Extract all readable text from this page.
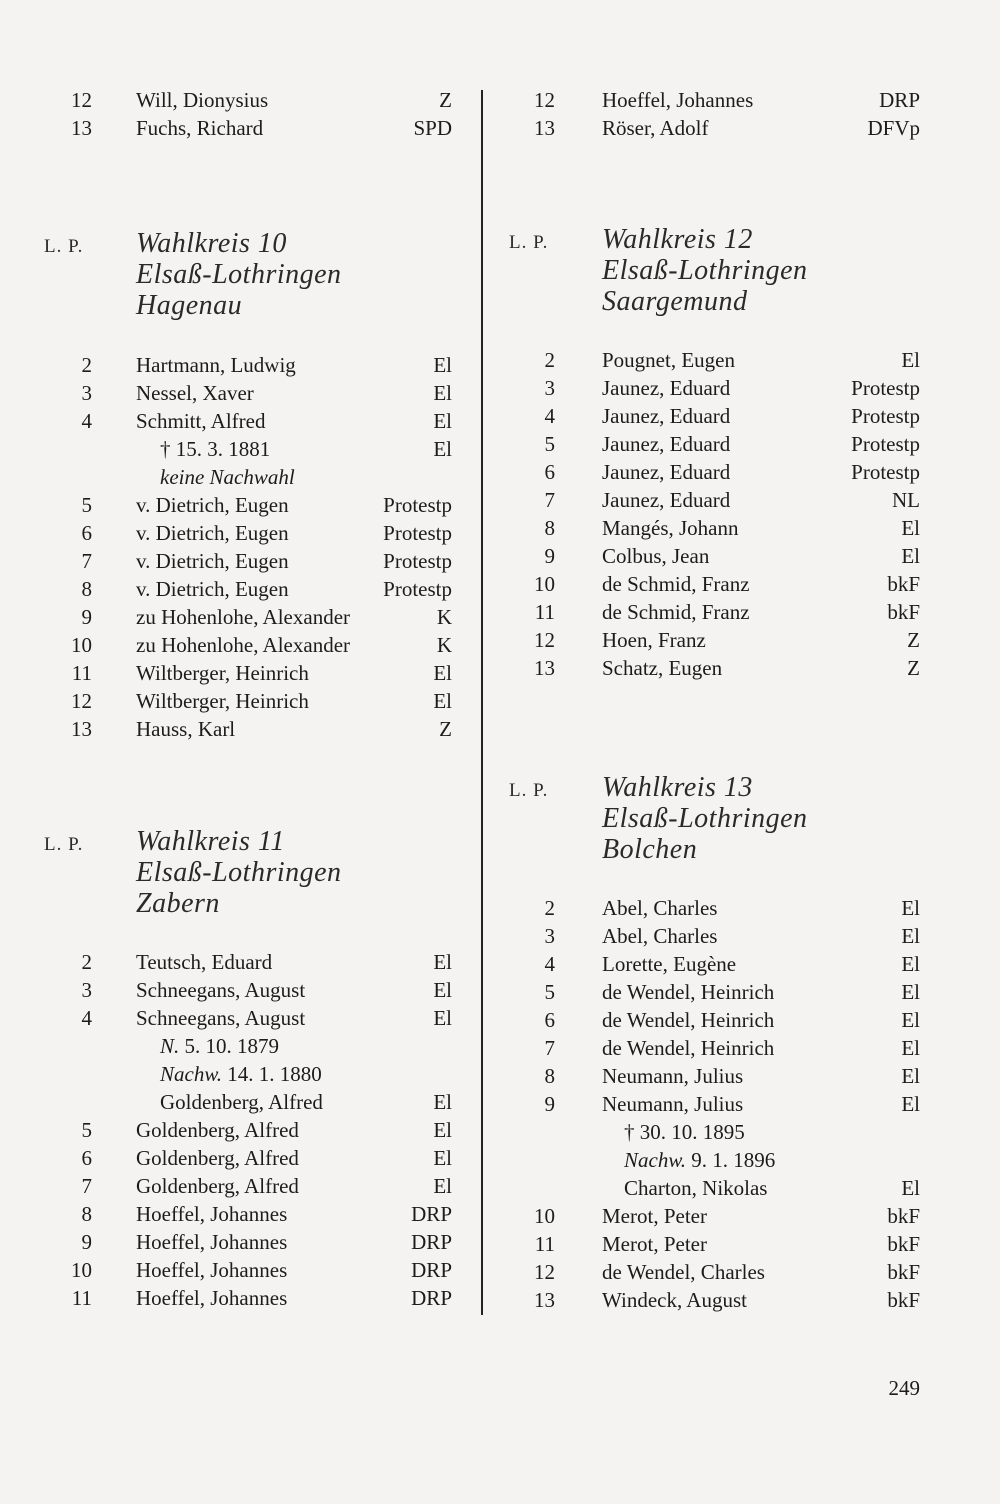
12 Will, Dionysius	Z
13 Fuchs, Richard	SPD
12 Hoeffel, Johannes	DRP
13 Röser, Adolf	DFVp
L. P. Wahlkreis 10
Elsaß-Lothringen
Hagenau
2 Hartmann, Ludwig	El
3 Nessel, Xaver	El
4 Schmitt, Alfred	El
† 15. 3. 1881	El
keine Nachwahl
5 v. Dietrich, Eugen	Protestp
6 v. Dietrich, Eugen	Protestp
7 v. Dietrich, Eugen	Protestp
8 v. Dietrich, Eugen	Protestp
9 zu Hohenlohe, Alexander	K
10 zu Hohenlohe, Alexander	K
11 Wiltberger, Heinrich	El
12 Wiltberger, Heinrich	El
13 Hauss, Karl	Z
L. P. Wahlkreis 12
Elsaß-Lothringen
Saargemund
2 Pougnet, Eugen	El
3 Jaunez, Eduard	Protestp
4 Jaunez, Eduard	Protestp
5 Jaunez, Eduard	Protestp
6 Jaunez, Eduard	Protestp
7 Jaunez, Eduard	NL
8 Mangés, Johann	El
9 Colbus, Jean	El
10 de Schmid, Franz	bkF
11 de Schmid, Franz	bkF
12 Hoen, Franz	Z
13 Schatz, Eugen	Z
L. P. Wahlkreis 11
Elsaß-Lothringen
Zabern
2 Teutsch, Eduard	El
3 Schneegans, August	El
4 Schneegans, August	El
N. 5. 10. 1879
Nachw. 14. 1. 1880
Goldenberg, Alfred	El
5 Goldenberg, Alfred	El
6 Goldenberg, Alfred	El
7 Goldenberg, Alfred	El
8 Hoeffel, Johannes	DRP
9 Hoeffel, Johannes	DRP
10 Hoeffel, Johannes	DRP
11 Hoeffel, Johannes	DRP
L. P. Wahlkreis 13
Elsaß-Lothringen
Bolchen
2 Abel, Charles	El
3 Abel, Charles	El
4 Lorette, Eugène	El
5 de Wendel, Heinrich	El
6 de Wendel, Heinrich	El
7 de Wendel, Heinrich	El
8 Neumann, Julius	El
9 Neumann, Julius	El
† 30. 10. 1895
Nachw. 9. 1. 1896
Charton, Nikolas	El
10 Merot, Peter	bkF
11 Merot, Peter	bkF
12 de Wendel, Charles	bkF
13 Windeck, August	bkF
249
